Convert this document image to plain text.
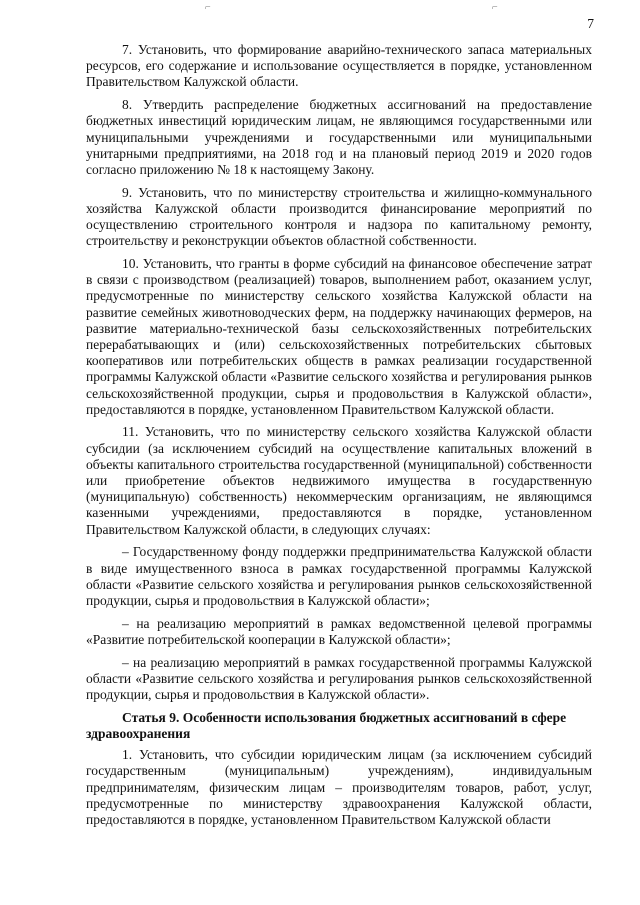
⌐	⌐
7

7. Установить, что формирование аварийно-технического запаса материальных ресурсов, его содержание и использование осуществляется в порядке, установленном Правительством Калужской области.

8. Утвердить распределение бюджетных ассигнований на предоставление бюджетных инвестиций юридическим лицам, не являющимся государственными или муниципальными учреждениями и государственными или муниципальными унитарными предприятиями, на 2018 год и на плановый период 2019 и 2020 годов согласно приложению № 18 к настоящему Закону.

9. Установить, что по министерству строительства и жилищно-коммунального хозяйства Калужской области производится финансирование мероприятий по осуществлению строительного контроля и надзора по капитальному ремонту, строительству и реконструкции объектов областной собственности.

10. Установить, что гранты в форме субсидий на финансовое обеспечение затрат в связи с производством (реализацией) товаров, выполнением работ, оказанием услуг, предусмотренные по министерству сельского хозяйства Калужской области на развитие семейных животноводческих ферм, на поддержку начинающих фермеров, на развитие материально-технической базы сельскохозяйственных потребительских перерабатывающих и (или) сельскохозяйственных потребительских сбытовых кооперативов или потребительских обществ в рамках реализации государственной программы Калужской области «Развитие сельского хозяйства и регулирования рынков сельскохозяйственной продукции, сырья и продовольствия в Калужской области», предоставляются в порядке, установленном Правительством Калужской области.

11. Установить, что по министерству сельского хозяйства Калужской области субсидии (за исключением субсидий на осуществление капитальных вложений в объекты капитального строительства государственной (муниципальной) собственности или приобретение объектов недвижимого имущества в государственную (муниципальную) собственность) некоммерческим организациям, не являющимся казенными учреждениями, предоставляются в порядке, установленном Правительством Калужской области, в следующих случаях:

– Государственному фонду поддержки предпринимательства Калужской области в виде имущественного взноса в рамках государственной программы Калужской области «Развитие сельского хозяйства и регулирования рынков сельскохозяйственной продукции, сырья и продовольствия в Калужской области»;

– на реализацию мероприятий в рамках ведомственной целевой программы «Развитие потребительской кооперации в Калужской области»;

– на реализацию мероприятий в рамках государственной программы Калужской области «Развитие сельского хозяйства и регулирования рынков сельскохозяйственной продукции, сырья и продовольствия в Калужской области».

Статья 9. Особенности использования бюджетных ассигнований в сфере здравоохранения

1. Установить, что субсидии юридическим лицам (за исключением субсидий государственным (муниципальным) учреждениям), индивидуальным предпринимателям, физическим лицам – производителям товаров, работ, услуг, предусмотренные по министерству здравоохранения Калужской области, предоставляются в порядке, установленном Правительством Калужской области
